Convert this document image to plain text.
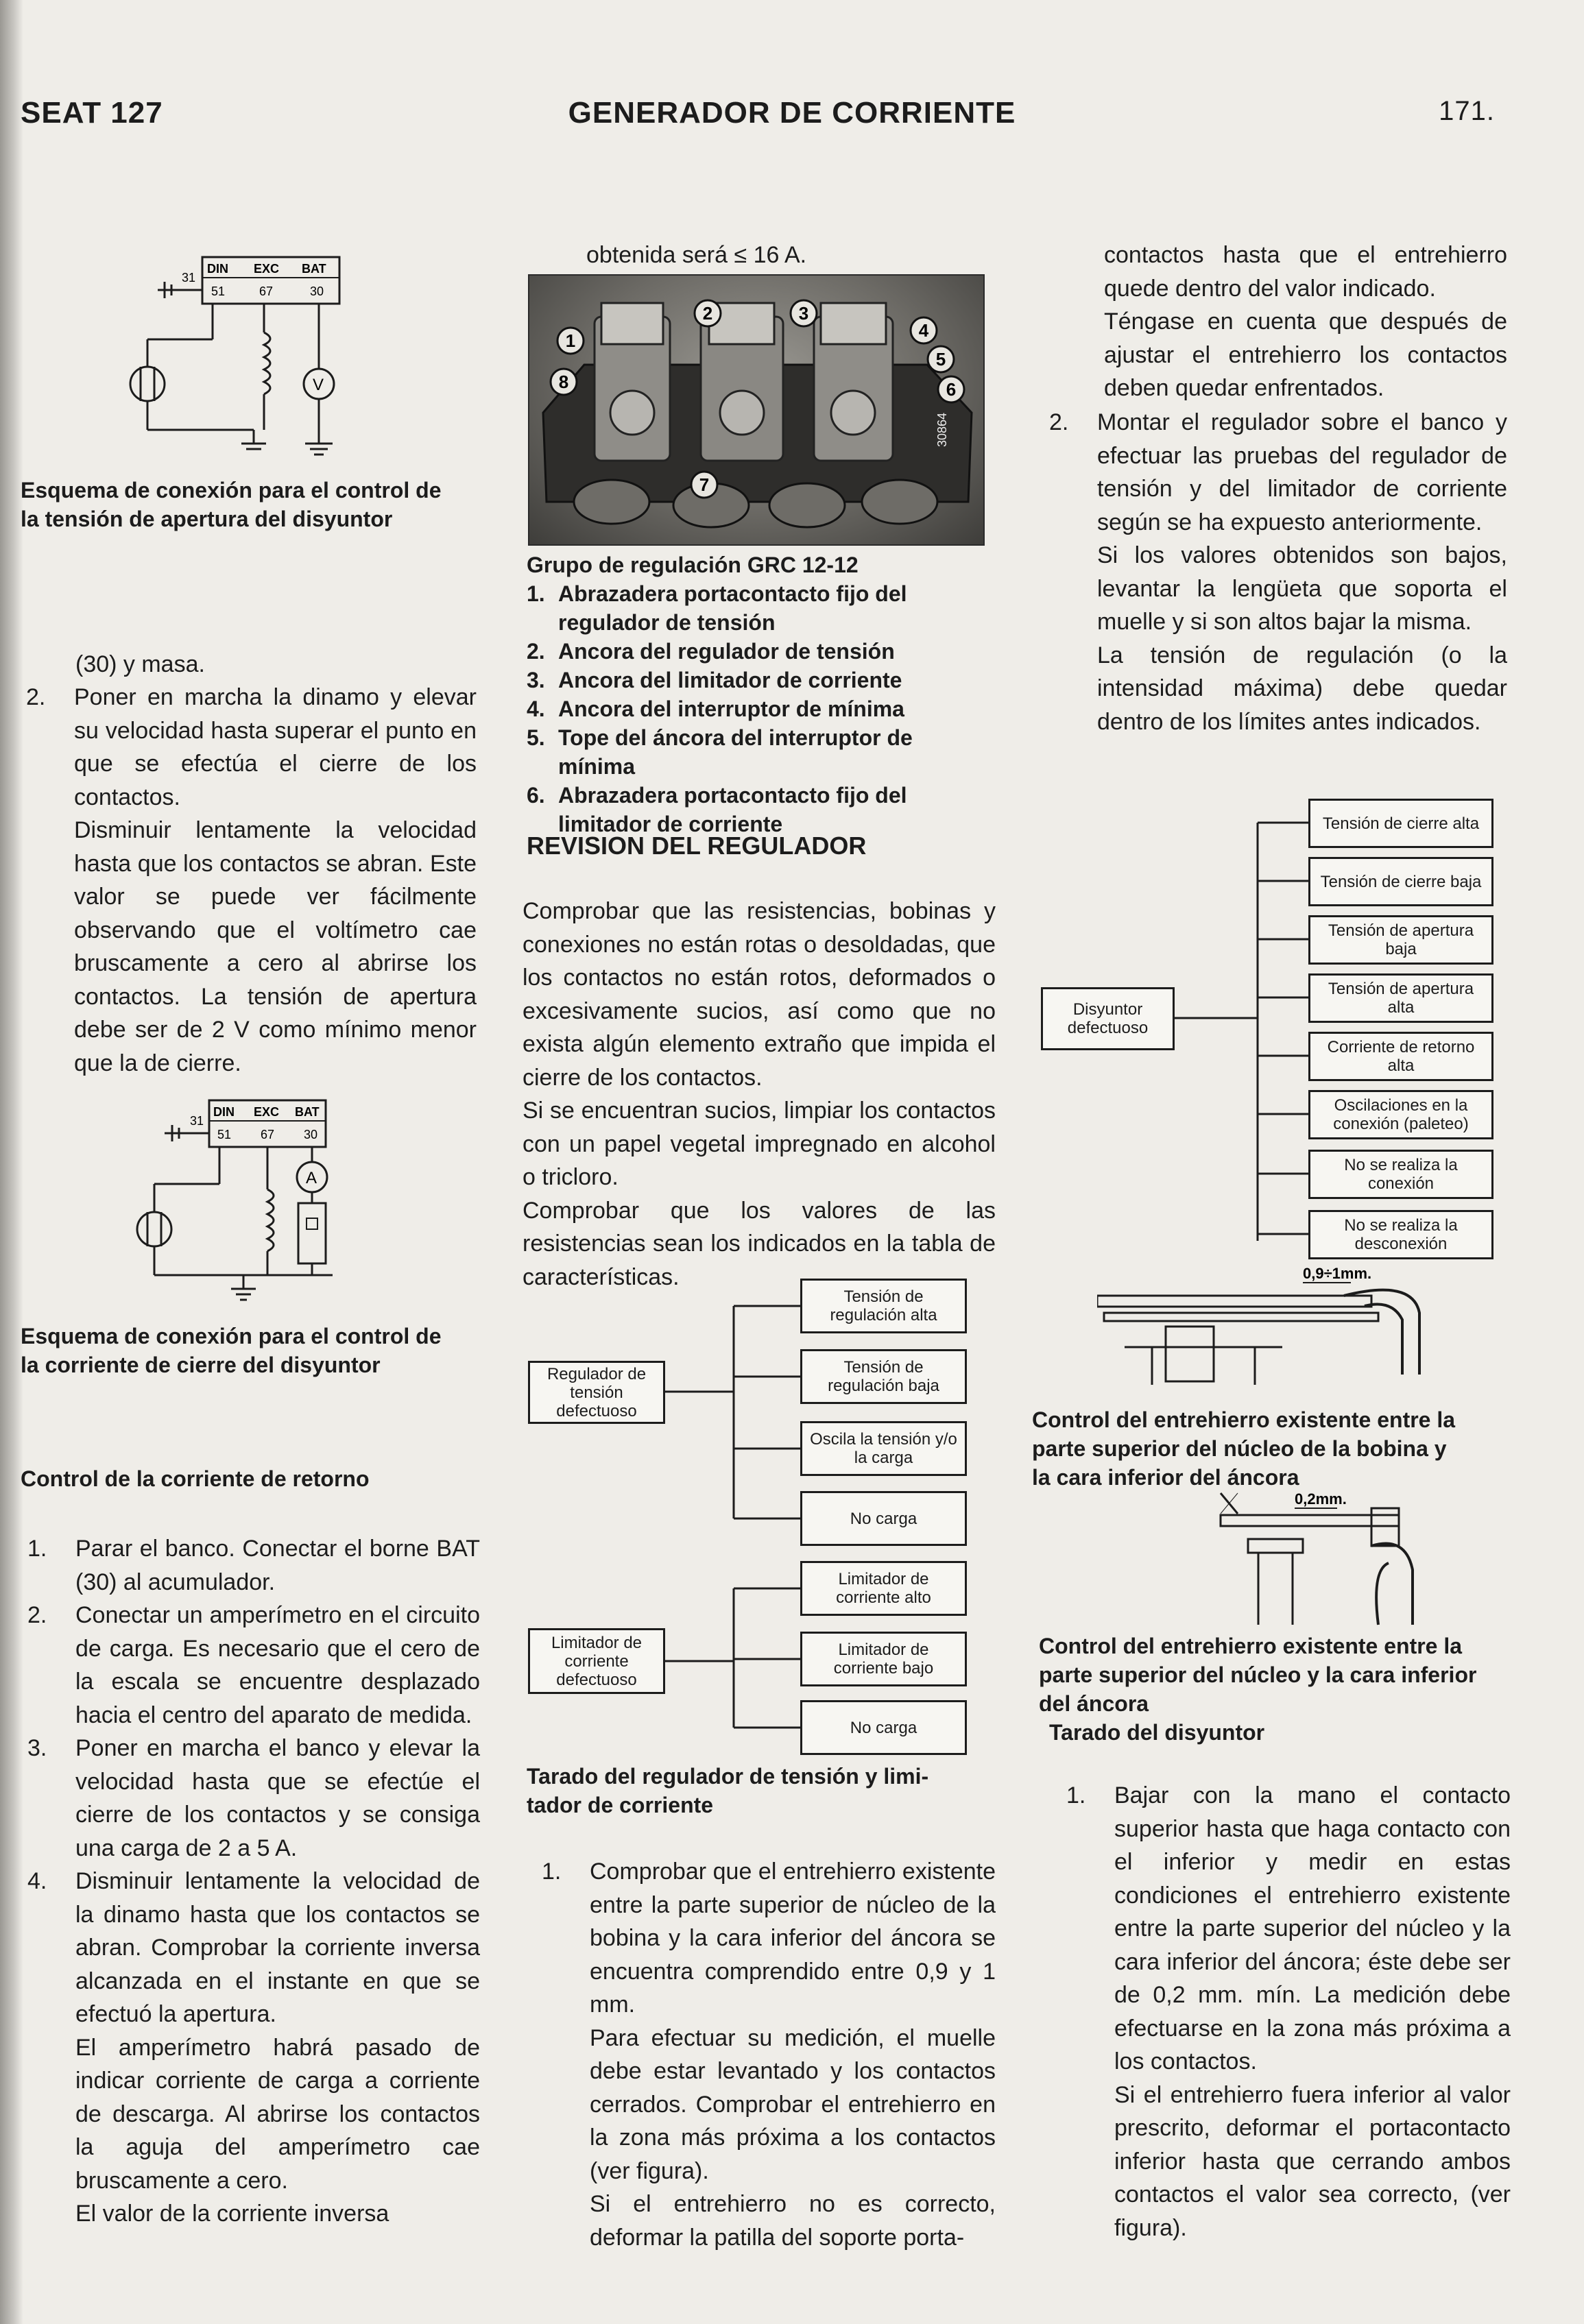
SEAT 127	GENERADOR DE CORRIENTE	171.
DIN EXC BAT
31
51	67	30
V
Esquema de conexión para el control de
la tensión de apertura del disyuntor

(30) y masa.

2. Poner en marcha la dinamo y elevar su velocidad hasta superar el punto en que se efectúa el cierre de los contactos.

Disminuir lentamente la velocidad hasta que los contactos se abran. Este valor se puede ver fácilmente observando que el voltímetro cae bruscamente a cero al abrirse los contactos. La tensión de apertura debe ser de 2 V como mínimo menor que la de cierre.

DIN EXC BAT
31
51 67 30
A
Esquema de conexión para el control de
la corriente de cierre del disyuntor
Control de la corriente de retorno
1. Parar el banco. Conectar el borne BAT (30) al acumulador.

2. Conectar un amperímetro en el circuito de carga. Es necesario que el cero de la escala se encuentre desplazado hacia el centro del aparato de medida.

3. Poner en marcha el banco y elevar la velocidad hasta que se efectúe el cierre de los contactos y se consiga una carga de 2 a 5 A.

4. Disminuir lentamente la velocidad de la dinamo hasta que los contactos se abran. Comprobar la corriente inversa alcanzada en el instante en que se efectuó la apertura.

El amperímetro habrá pasado de indicar corriente de carga a corriente de descarga. Al abrirse los contactos la aguja del amperímetro cae bruscamente a cero.

El valor de la corriente inversa

obtenida será ≤ 16 A.
1
2	3
4
5
6
7
8
30864
Grupo de regulación GRC 12-12
1. Abrazadera portacontacto fijo del regulador de tensión
2. Ancora del regulador de tensión
3. Ancora del limitador de corriente
4. Ancora del interruptor de mínima
5. Tope del áncora del interruptor de mínima
6. Abrazadera portacontacto fijo del limitador de corriente
REVISION DEL REGULADOR

Comprobar que las resistencias, bobinas y conexiones no están rotas o desoldadas, que los contactos no están rotos, deformados o excesivamente sucios, así como que no exista algún elemento extraño que impida el cierre de los contactos.

Si se encuentran sucios, limpiar los contactos con un papel vegetal impregnado en alcohol o tricloro.

Comprobar que los valores de las resistencias sean los indicados en la tabla de características.

Regulador de tensión defectuoso
Limitador de corriente defectuoso
Tensión de regulación alta
Tensión de regulación baja
Oscila la tensión y/o la carga
No carga
Limitador de corriente alto
Limitador de corriente bajo
No carga
Tarado del regulador de tensión y limi-
tador de corriente
1. Comprobar que el entrehierro existente entre la parte superior de núcleo de la bobina y la cara inferior del áncora se encuentra comprendido entre 0,9 y 1 mm.

Para efectuar su medición, el muelle debe estar levantado y los contactos cerrados. Comprobar el entrehierro en la zona más próxima a los contactos (ver figura).

Si el entrehierro no es correcto, deformar la patilla del soporte porta-

contactos hasta que el entrehierro quede dentro del valor indicado.

Téngase en cuenta que después de ajustar el entrehierro los contactos deben quedar enfrentados.

2. Montar el regulador sobre el banco y efectuar las pruebas del regulador de tensión y del limitador de corriente según se ha expuesto anteriormente.

Si los valores obtenidos son bajos, levantar la lengüeta que soporta el muelle y si son altos bajar la misma.

La tensión de regulación (o la intensidad máxima) debe quedar dentro de los límites antes indicados.

Disyuntor defectuoso
Tensión de cierre alta
Tensión de cierre baja
Tensión de apertura baja
Tensión de apertura alta
Corriente de retorno alta
Oscilaciones en la conexión (paleteo)
No se realiza la conexión
No se realiza la desconexión
0,9÷1mm.
Control del entrehierro existente entre la
parte superior del núcleo de la bobina y
la cara inferior del áncora
0,2mm.
Control del entrehierro existente entre la
parte superior del núcleo y la cara inferior
del áncora
Tarado del disyuntor
1. Bajar con la mano el contacto superior hasta que haga contacto con el inferior y medir en estas condiciones el entrehierro existente entre la parte superior del núcleo y la cara inferior del áncora; éste debe ser de 0,2 mm. mín. La medición debe efectuarse en la zona más próxima a los contactos.

Si el entrehierro fuera inferior al valor prescrito, deformar el portacontacto inferior hasta que cerrando ambos contactos el valor sea correcto, (ver figura).
